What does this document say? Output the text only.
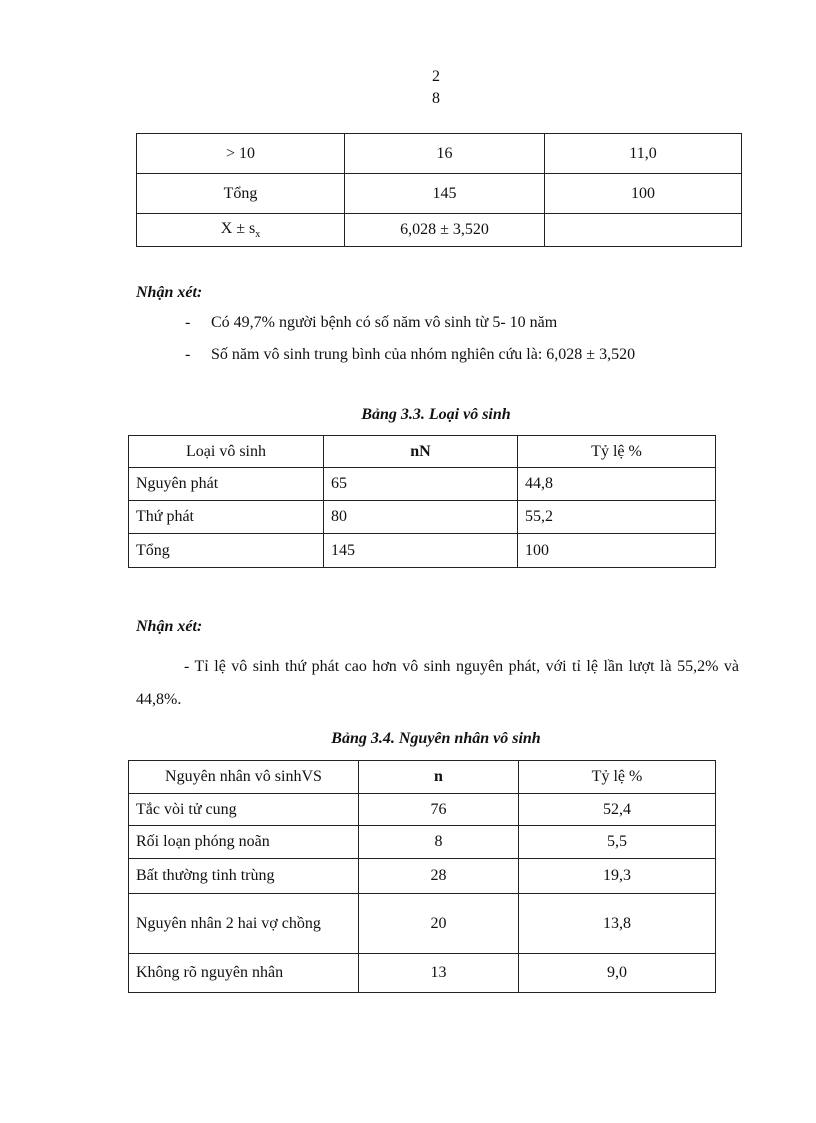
2
8
> 10	16	11,0
Tổng	145	100
$X \pm s_x$	6,028 ± 3,520	
Nhận xét:
- Có 49,7% người bệnh có số năm vô sinh từ 5- 10 năm
- Số năm vô sinh trung bình của nhóm nghiên cứu là: 6,028 ± 3,520
Bảng 3.3. Loại vô sinh
Loại vô sinh	nN	Tỷ lệ %
Nguyên phát	65	44,8
Thứ phát	80	55,2
Tổng	145	100
Nhận xét:
- Tỉ lệ vô sinh thứ phát cao hơn vô sinh nguyên phát, với tỉ lệ lần lượt là 55,2% và 44,8%.
Bảng 3.4. Nguyên nhân vô sinh
Nguyên nhân vô sinhVS	n	Tỷ lệ %
Tắc vòi tử cung	76	52,4
Rối loạn phóng noãn	8	5,5
Bất thường tinh trùng	28	19,3
Nguyên nhân 2 hai vợ chồng	20	13,8
Không rõ nguyên nhân	13	9,0
